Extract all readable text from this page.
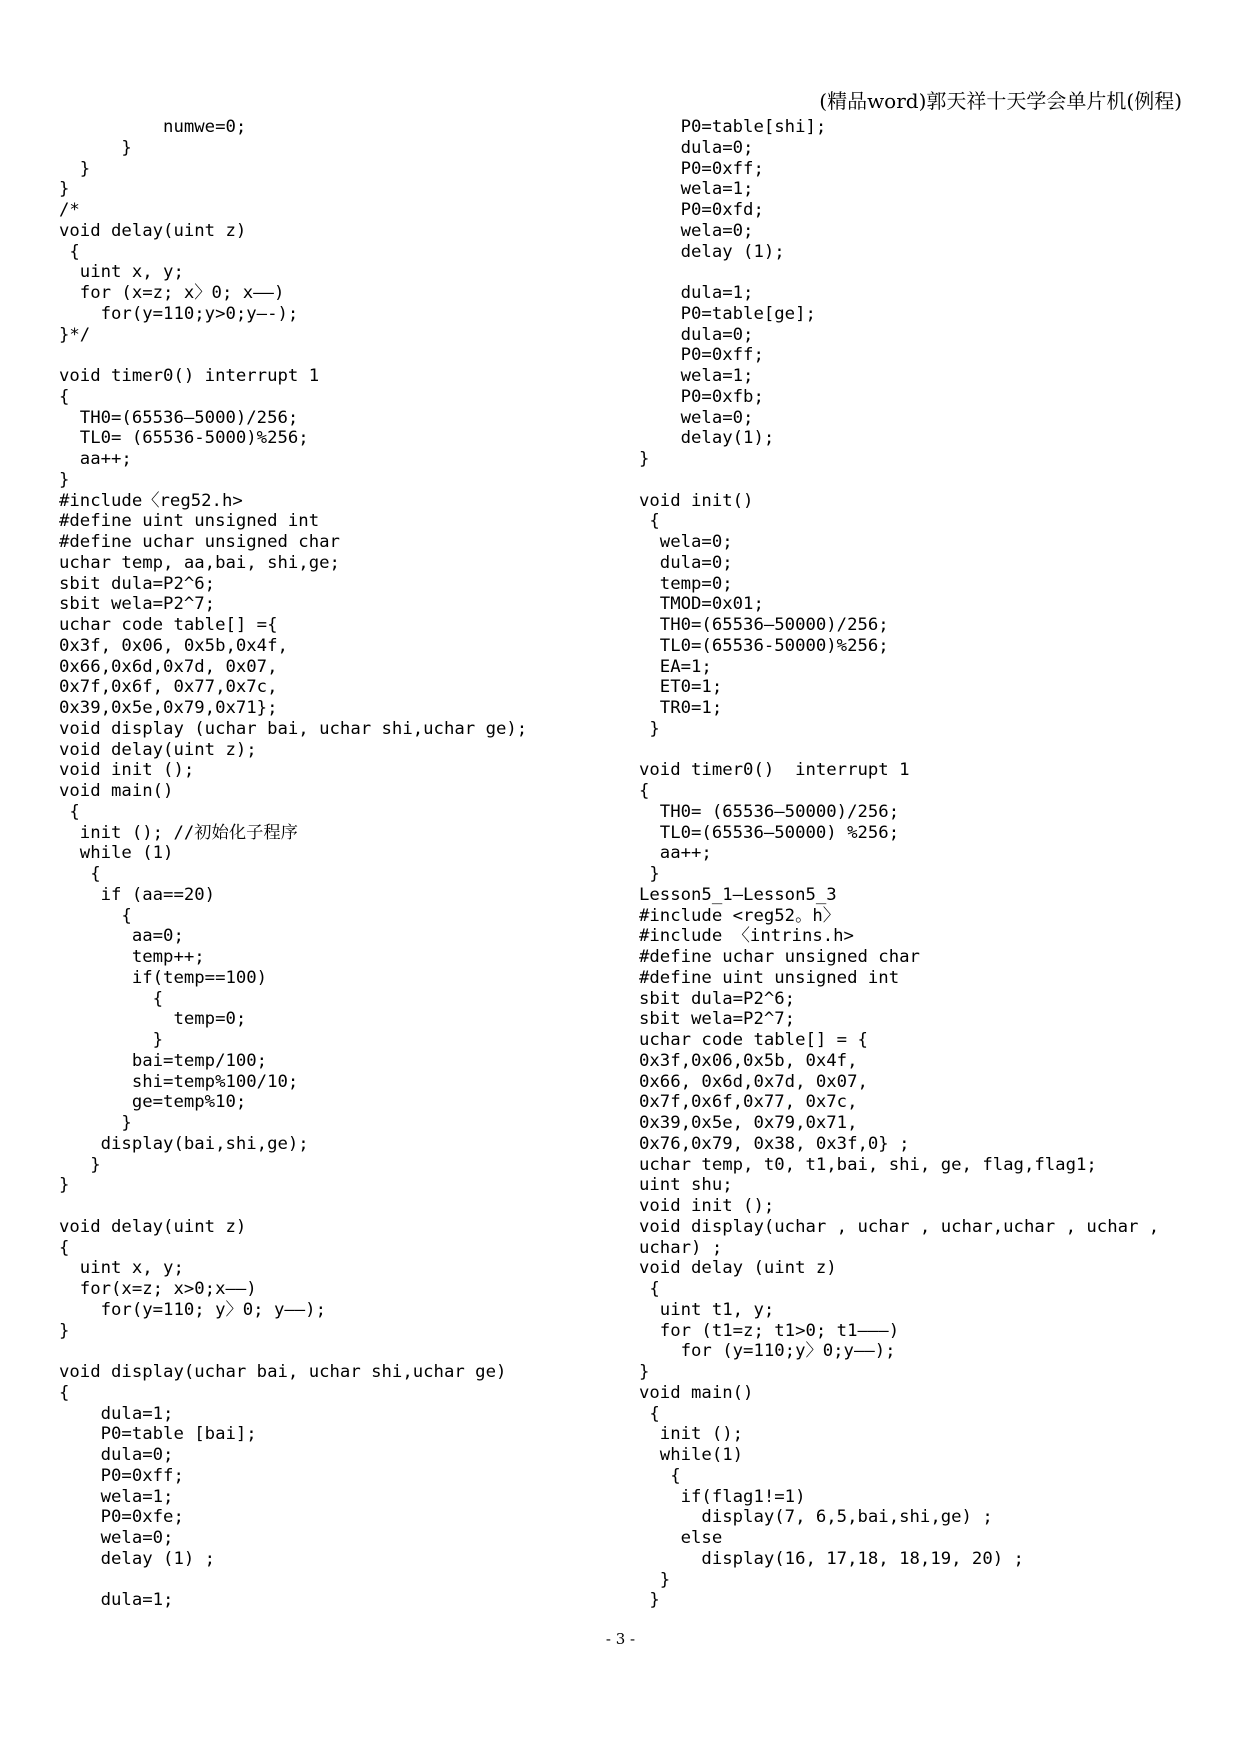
(精品word)郭天祥十天学会单片机(例程)
numwe=0;
}
}
}
/*
void delay(uint z)
{
uint x, y;
for (x=z; x〉0; x——)
for(y=110;y>0;y—-);
}*/
void timer0() interrupt 1
{
TH0=(65536—5000)/256;
TL0= (65536-5000)%256;
aa++;
}
#include〈reg52.h>
#define uint unsigned int
#define uchar unsigned char
uchar temp, aa,bai, shi,ge;
sbit dula=P2^6;
sbit wela=P2^7;
uchar code table[] ={
0x3f, 0x06, 0x5b,0x4f,
0x66,0x6d,0x7d, 0x07,
0x7f,0x6f, 0x77,0x7c,
0x39,0x5e,0x79,0x71};
void display (uchar bai, uchar shi,uchar ge);
void delay(uint z);
void init ();
void main()
{
init (); //初始化子程序
while (1)
{
if (aa==20)
{
aa=0;
temp++;
if(temp==100)
{
temp=0;
}
bai=temp/100;
shi=temp%100/10;
ge=temp%10;
}
display(bai,shi,ge);
}
}
void delay(uint z)
{
uint x, y;
for(x=z; x>0;x——)
for(y=110; y〉0; y——);
}
void display(uchar bai, uchar shi,uchar ge)
{
dula=1;
P0=table [bai];
dula=0;
P0=0xff;
wela=1;
P0=0xfe;
wela=0;
delay (1) ;
dula=1;
P0=table[shi];
dula=0;
P0=0xff;
wela=1;
P0=0xfd;
wela=0;
delay (1);
dula=1;
P0=table[ge];
dula=0;
P0=0xff;
wela=1;
P0=0xfb;
wela=0;
delay(1);
}
void init()
{
wela=0;
dula=0;
temp=0;
TMOD=0x01;
TH0=(65536—50000)/256;
TL0=(65536-50000)%256;
EA=1;
ET0=1;
TR0=1;
}
void timer0()  interrupt 1
{
TH0= (65536—50000)/256;
TL0=(65536—50000) %256;
aa++;
}
Lesson5_1—Lesson5_3
#include <reg52。h〉
#include 〈intrins.h>
#define uchar unsigned char
#define uint unsigned int
sbit dula=P2^6;
sbit wela=P2^7;
uchar code table[] = {
0x3f,0x06,0x5b, 0x4f,
0x66, 0x6d,0x7d, 0x07,
0x7f,0x6f,0x77, 0x7c,
0x39,0x5e, 0x79,0x71,
0x76,0x79, 0x38, 0x3f,0} ;
uchar temp, t0, t1,bai, shi, ge, flag,flag1;
uint shu;
void init ();
void display(uchar , uchar , uchar,uchar , uchar ,
uchar) ;
void delay (uint z)
{
uint t1, y;
for (t1=z; t1>0; t1———)
for (y=110;y〉0;y——);
}
void main()
{
init ();
while(1)
{
if(flag1!=1)
display(7, 6,5,bai,shi,ge) ;
else
display(16, 17,18, 18,19, 20) ;
}
}
- 3 -
